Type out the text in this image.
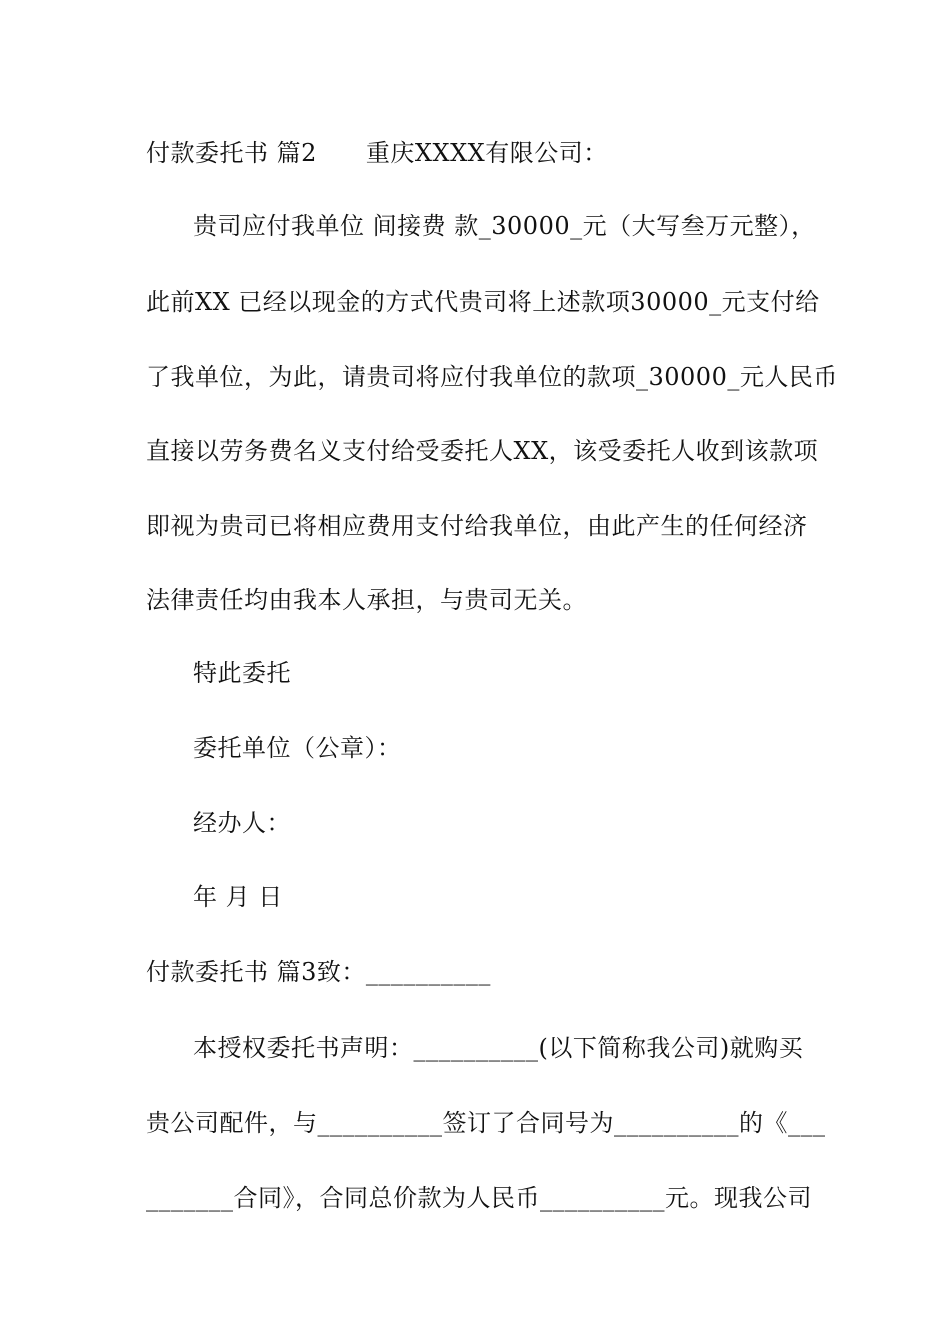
付款委托书 篇2　　重庆XXXX有限公司：
贵司应付我单位 间接费 款_30000_元（大写叁万元整），
此前XX 已经以现金的方式代贵司将上述款项30000_元支付给
了我单位，为此，请贵司将应付我单位的款项_30000_元人民币
直接以劳务费名义支付给受委托人XX，该受委托人收到该款项
即视为贵司已将相应费用支付给我单位，由此产生的任何经济
法律责任均由我本人承担，与贵司无关。
特此委托
委托单位（公章）：
经办人：
年 月 日
付款委托书 篇3致：__________
本授权委托书声明：__________(以下简称我公司)就购买
贵公司配件，与__________签订了合同号为__________的《___
_______合同》，合同总价款为人民币__________元。现我公司
